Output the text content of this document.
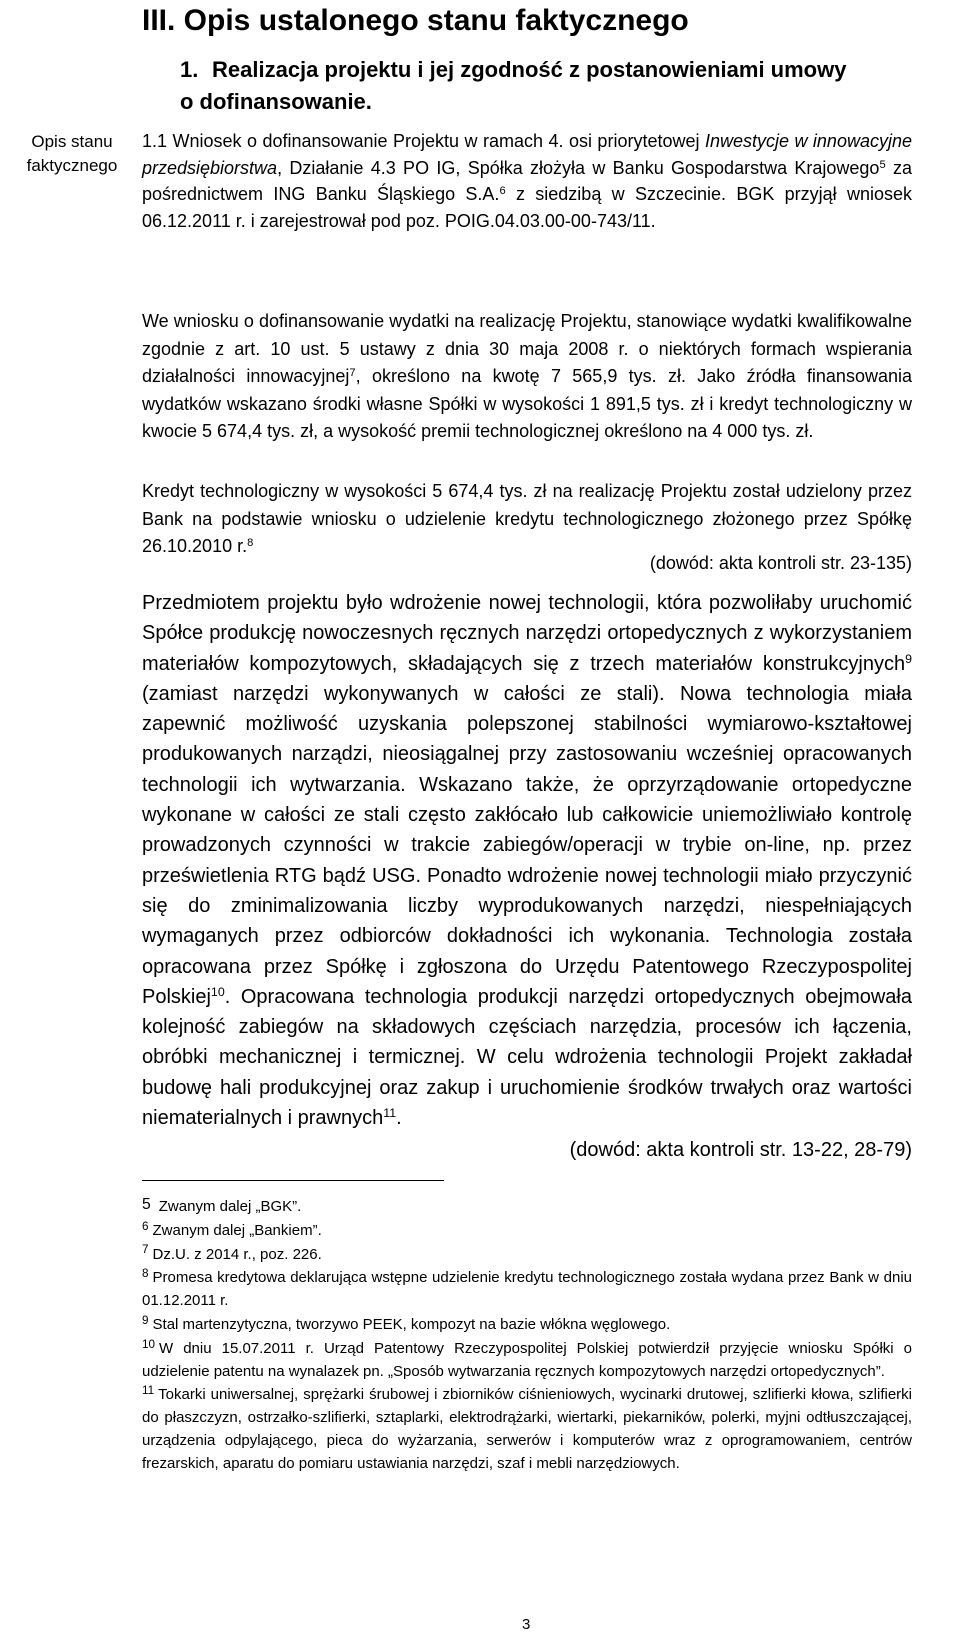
III. Opis ustalonego stanu faktycznego
1. Realizacja projektu i jej zgodność z postanowieniami umowy
o dofinansowanie.
Opis stanu faktycznego

1.1 Wniosek o dofinansowanie Projektu w ramach 4. osi priorytetowej Inwestycje w innowacyjne przedsiębiorstwa, Działanie 4.3 PO IG, Spółka złożyła w Banku Gospodarstwa Krajowego$^5$ za pośrednictwem ING Banku Śląskiego S.A.$^6$ z siedzibą w Szczecinie. BGK przyjął wniosek 06.12.2011 r. i zarejestrował pod poz. POIG.04.03.00-00-743/11.

We wniosku o dofinansowanie wydatki na realizację Projektu, stanowiące wydatki kwalifikowalne zgodnie z art. 10 ust. 5 ustawy z dnia 30 maja 2008 r. o niektórych formach wspierania działalności innowacyjnej$^7$, określono na kwotę 7 565,9 tys. zł. Jako źródła finansowania wydatków wskazano środki własne Spółki w wysokości 1 891,5 tys. zł i kredyt technologiczny w kwocie 5 674,4 tys. zł, a wysokość premii technologicznej określono na 4 000 tys. zł.

Kredyt technologiczny w wysokości 5 674,4 tys. zł na realizację Projektu został udzielony przez Bank na podstawie wniosku o udzielenie kredytu technologicznego złożonego przez Spółkę 26.10.2010 r.$^8$

(dowód: akta kontroli str. 23-135)

Przedmiotem projektu było wdrożenie nowej technologii, która pozwoliłaby uruchomić Spółce produkcję nowoczesnych ręcznych narzędzi ortopedycznych z wykorzystaniem materiałów kompozytowych, składających się z trzech materiałów konstrukcyjnych$^9$ (zamiast narzędzi wykonywanych w całości ze stali). Nowa technologia miała zapewnić możliwość uzyskania polepszonej stabilności wymiarowo-kształtowej produkowanych narządzi, nieosiągalnej przy zastosowaniu wcześniej opracowanych technologii ich wytwarzania. Wskazano także, że oprzyrządowanie ortopedyczne wykonane w całości ze stali często zakłócało lub całkowicie uniemożliwiało kontrolę prowadzonych czynności w trakcie zabiegów/operacji w trybie on-line, np. przez prześwietlenia RTG bądź USG. Ponadto wdrożenie nowej technologii miało przyczynić się do zminimalizowania liczby wyprodukowanych narzędzi, niespełniających wymaganych przez odbiorców dokładności ich wykonania. Technologia została opracowana przez Spółkę i zgłoszona do Urzędu Patentowego Rzeczypospolitej Polskiej$^{10}$. Opracowana technologia produkcji narzędzi ortopedycznych obejmowała kolejność zabiegów na składowych częściach narzędzia, procesów ich łączenia, obróbki mechanicznej i termicznej. W celu wdrożenia technologii Projekt zakładał budowę hali produkcyjnej oraz zakup i uruchomienie środków trwałych oraz wartości niematerialnych i prawnych$^{11}$.

(dowód: akta kontroli str. 13-22, 28-79)

$^5$ Zwanym dalej „BGK”.

$^6$ Zwanym dalej „Bankiem”.

$^7$ Dz.U. z 2014 r., poz. 226.

$^8$ Promesa kredytowa deklarująca wstępne udzielenie kredytu technologicznego została wydana przez Bank w dniu 01.12.2011 r.

$^9$ Stal martenzytyczna, tworzywo PEEK, kompozyt na bazie włókna węglowego.

$^{10}$ W dniu 15.07.2011 r. Urząd Patentowy Rzeczypospolitej Polskiej potwierdził przyjęcie wniosku Spółki o udzielenie patentu na wynalazek pn. „Sposób wytwarzania ręcznych kompozytowych narzędzi ortopedycznych”.

$^{11}$ Tokarki uniwersalnej, sprężarki śrubowej i zbiorników ciśnieniowych, wycinarki drutowej, szlifierki kłowa, szlifierki do płaszczyzn, ostrzałko-szlifierki, sztaplarki, elektrodrążarki, wiertarki, piekarników, polerki, myjni odtłuszczającej, urządzenia odpylającego, pieca do wyżarzania, serwerów i komputerów wraz z oprogramowaniem, centrów frezarskich, aparatu do pomiaru ustawiania narzędzi, szaf i mebli narzędziowych.

3
